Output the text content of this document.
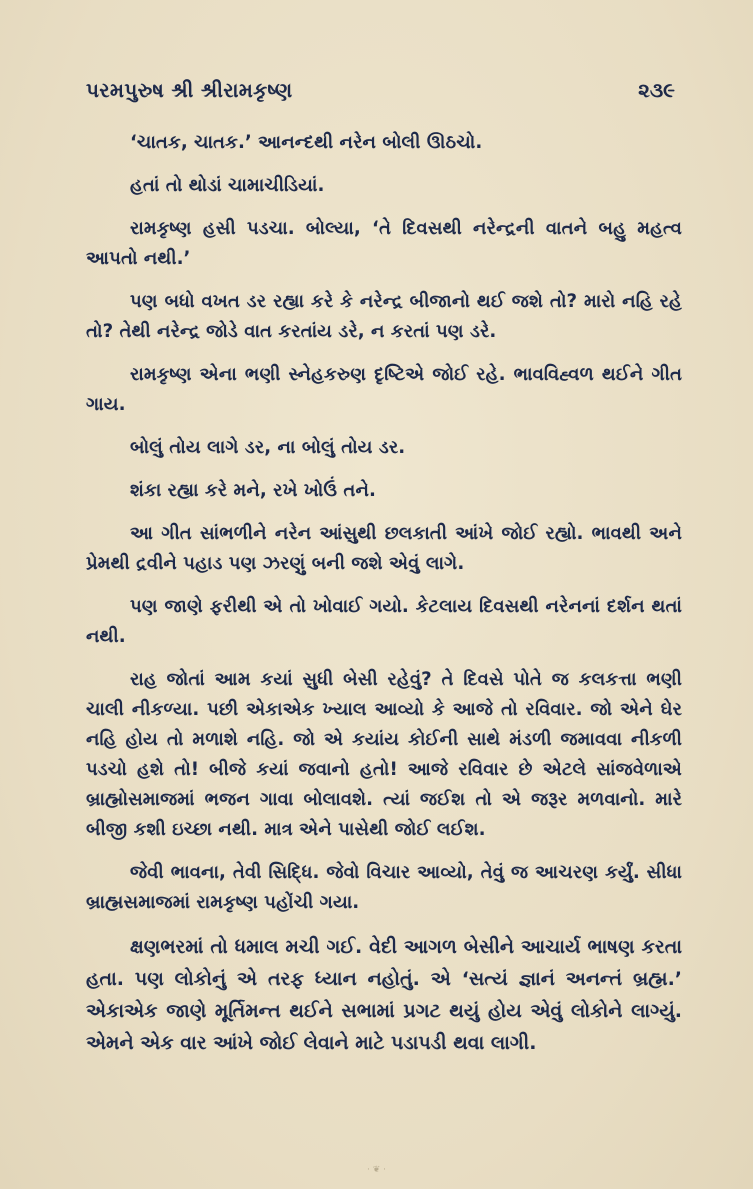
પરમપુરુષ શ્રી શ્રીરામકૃષ્ણ	૨૩૯

‘ચાતક, ચાતક.’ આનન્દથી નરેન બોલી ઊઠચો.

હતાં તો થોડાં ચામાચીડિયાં.

રામકૃષ્ણ હસી પડચા. બોલ્યા, ‘તે દિવસથી નરેન્દ્રની વાતને બહુ મહત્વ આપતો નથી.’

પણ બધો વખત ડર રહ્યા કરે કે નરેન્દ્ર બીજાનો થઈ જશે તો? મારો નહિ રહે તો? તેથી નરેન્દ્ર જોડે વાત કરતાંય ડરે, ન કરતાં પણ ડરે.

રામકૃષ્ણ એના ભણી સ્નેહકરુણ દૃષ્ટિએ જોઈ રહે. ભાવવિહ્વળ થઈને ગીત ગાય.

બોલું તોય લાગે ડર, ના બોલું તોય ડર.

શંકા રહ્યા કરે મને, રખે ખોઉં તને.

આ ગીત સાંભળીને નરેન આંસુથી છલકાતી આંખે જોઈ રહ્યો. ભાવથી અને પ્રેમથી દ્રવીને પહાડ પણ ઝરણું બની જશે એવું લાગે.

પણ જાણે ફરીથી એ તો ખોવાઈ ગયો. કેટલાય દિવસથી નરેનનાં દર્શન થતાં નથી.

રાહ જોતાં આમ કયાં સુધી બેસી રહેવું? તે દિવસે પોતે જ કલકત્તા ભણી ચાલી નીકળ્યા. પછી એકાએક ખ્યાલ આવ્યો કે આજે તો રવિવાર. જો એને ઘેર નહિ હોય તો મળાશે નહિ. જો એ કયાંય કોઈની સાથે મંડળી જમાવવા નીકળી પડચો હશે તો! બીજે કયાં જવાનો હતો! આજે રવિવાર છે એટલે સાંજવેળાએ બ્રાહ્મોસમાજમાં ભજન ગાવા બોલાવશે. ત્યાં જઈશ તો એ જરૂર મળવાનો. મારે બીજી કશી ઇચ્છા નથી. માત્ર એને પાસેથી જોઈ લઈશ.

જેવી ભાવના, તેવી સિદ્ધિ. જેવો વિચાર આવ્યો, તેવું જ આચરણ કર્યું. સીધા બ્રાહ્મસમાજમાં રામકૃષ્ણ પહોંચી ગયા.

ક્ષણભરમાં તો ધમાલ મચી ગઈ. વેદી આગળ બેસીને આચાર્ય ભાષણ કરતા હતા. પણ લોકોનું એ તરફ ધ્યાન નહોતું. એ ‘સત્યં જ્ઞાનં અનન્તં બ્રહ્મ.’ એકાએક જાણે મૂર્તિમન્ત થઈને સભામાં પ્રગટ થયું હોય એવું લોકોને લાગ્યું. એમને એક વાર આંખે જોઈ લેવાને માટે પડાપડી થવા લાગી.

· ❦ ·
